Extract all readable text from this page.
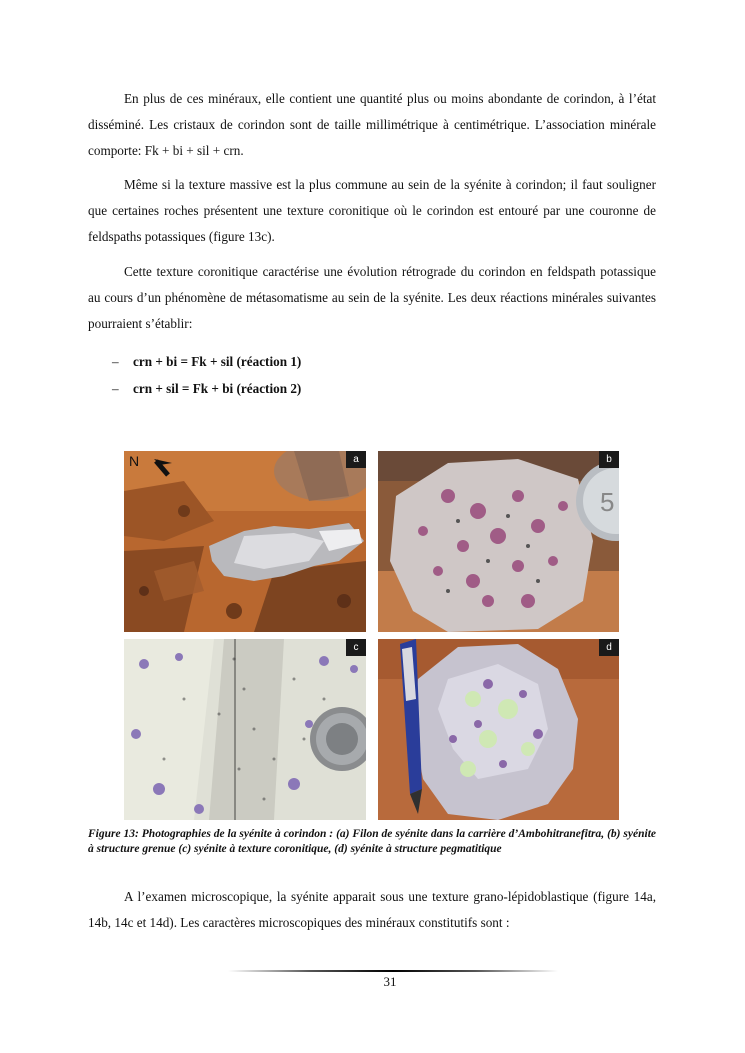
En plus de ces minéraux, elle contient une quantité plus ou moins abondante de corindon, à l’état disséminé. Les cristaux de corindon sont de taille millimétrique à centimétrique. L’association minérale comporte: Fk + bi + sil + crn.

Même si la texture massive est la plus commune au sein de la syénite à corindon; il faut souligner que certaines roches présentent une texture coronitique où le corindon est entouré par une couronne de feldspaths potassiques (figure 13c).

Cette texture coronitique caractérise une évolution rétrograde du corindon en feldspath potassique au cours d’un phénomène de métasomatisme au sein de la syénite. Les deux réactions minérales suivantes pourraient s’établir:

– crn + bi = Fk + sil (réaction 1)
– crn + sil = Fk + bi (réaction 2)
a
N
5
b
c	d

Figure 13: Photographies de la syénite à corindon : (a) Filon de syénite dans la carrière d’Ambohitranefitra, (b) syénite à structure grenue (c) syénite à texture coronitique, (d) syénite à structure pegmatitique

A l’examen microscopique, la syénite apparait sous une texture grano-lépidoblastique (figure 14a, 14b, 14c et 14d). Les caractères microscopiques des minéraux constitutifs sont :

31
